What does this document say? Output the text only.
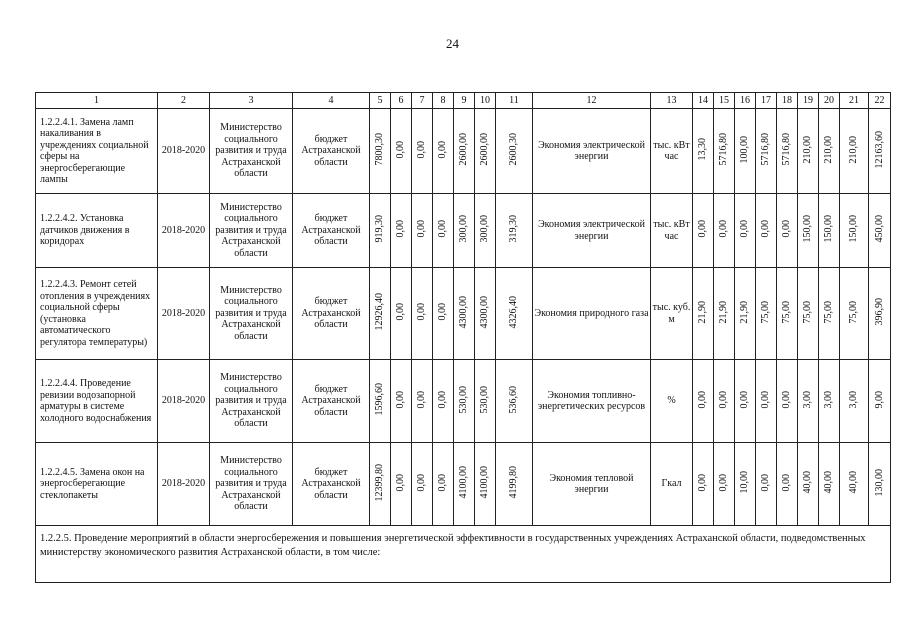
24
1	2	3	4	5	6	7	8	9	10	11	12	13	14	15	16	17	18	19	20	21	22
1.2.2.4.1. Замена ламп накаливания в учреждениях социальной сферы на энергосберегающие лампы	2018-2020	Министерство социального развития и труда Астраханской области	бюджет Астраханской области	7800,30	0,00	0,00	0,00	2600,00	2600,00	2600,30	Экономия электрической энергии	тыс. кВт час	13,30	5716,80	100,00	5716,80	5716,80	210,00	210,00	210,00	12163,60
1.2.2.4.2. Установка датчиков движения в коридорах	2018-2020	Министерство социального развития и труда Астраханской области	бюджет Астраханской области	919,30	0,00	0,00	0,00	300,00	300,00	319,30	Экономия электрической энергии	тыс. кВт час	0,00	0,00	0,00	0,00	0,00	150,00	150,00	150,00	450,00
1.2.2.4.3. Ремонт сетей отопления в учреждениях социальной сферы (установка автоматического регулятора температуры)	2018-2020	Министерство социального развития и труда Астраханской области	бюджет Астраханской области	12926,40	0,00	0,00	0,00	4300,00	4300,00	4326,40	Экономия природного газа	тыс. куб. м	21,90	21,90	21,90	75,00	75,00	75,00	75,00	75,00	396,90
1.2.2.4.4. Проведение ревизии водозапорной арматуры в системе холодного водоснабжения	2018-2020	Министерство социального развития и труда Астраханской области	бюджет Астраханской области	1596,60	0,00	0,00	0,00	530,00	530,00	536,60	Экономия топливно-энергетических ресурсов	%	0,00	0,00	0,00	0,00	0,00	3,00	3,00	3,00	9,00
1.2.2.4.5. Замена окон на энергосберегающие стеклопакеты	2018-2020	Министерство социального развития и труда Астраханской области	бюджет Астраханской области	12399,80	0,00	0,00	0,00	4100,00	4100,00	4199,80	Экономия тепловой энергии	Гкал	0,00	0,00	10,00	0,00	0,00	40,00	40,00	40,00	130,00
1.2.2.5. Проведение мероприятий в области энергосбережения и повышения энергетической эффективности в государственных учреждениях Астраханской области, подведомственных министерству экономического развития Астраханской области, в том числе:																					
